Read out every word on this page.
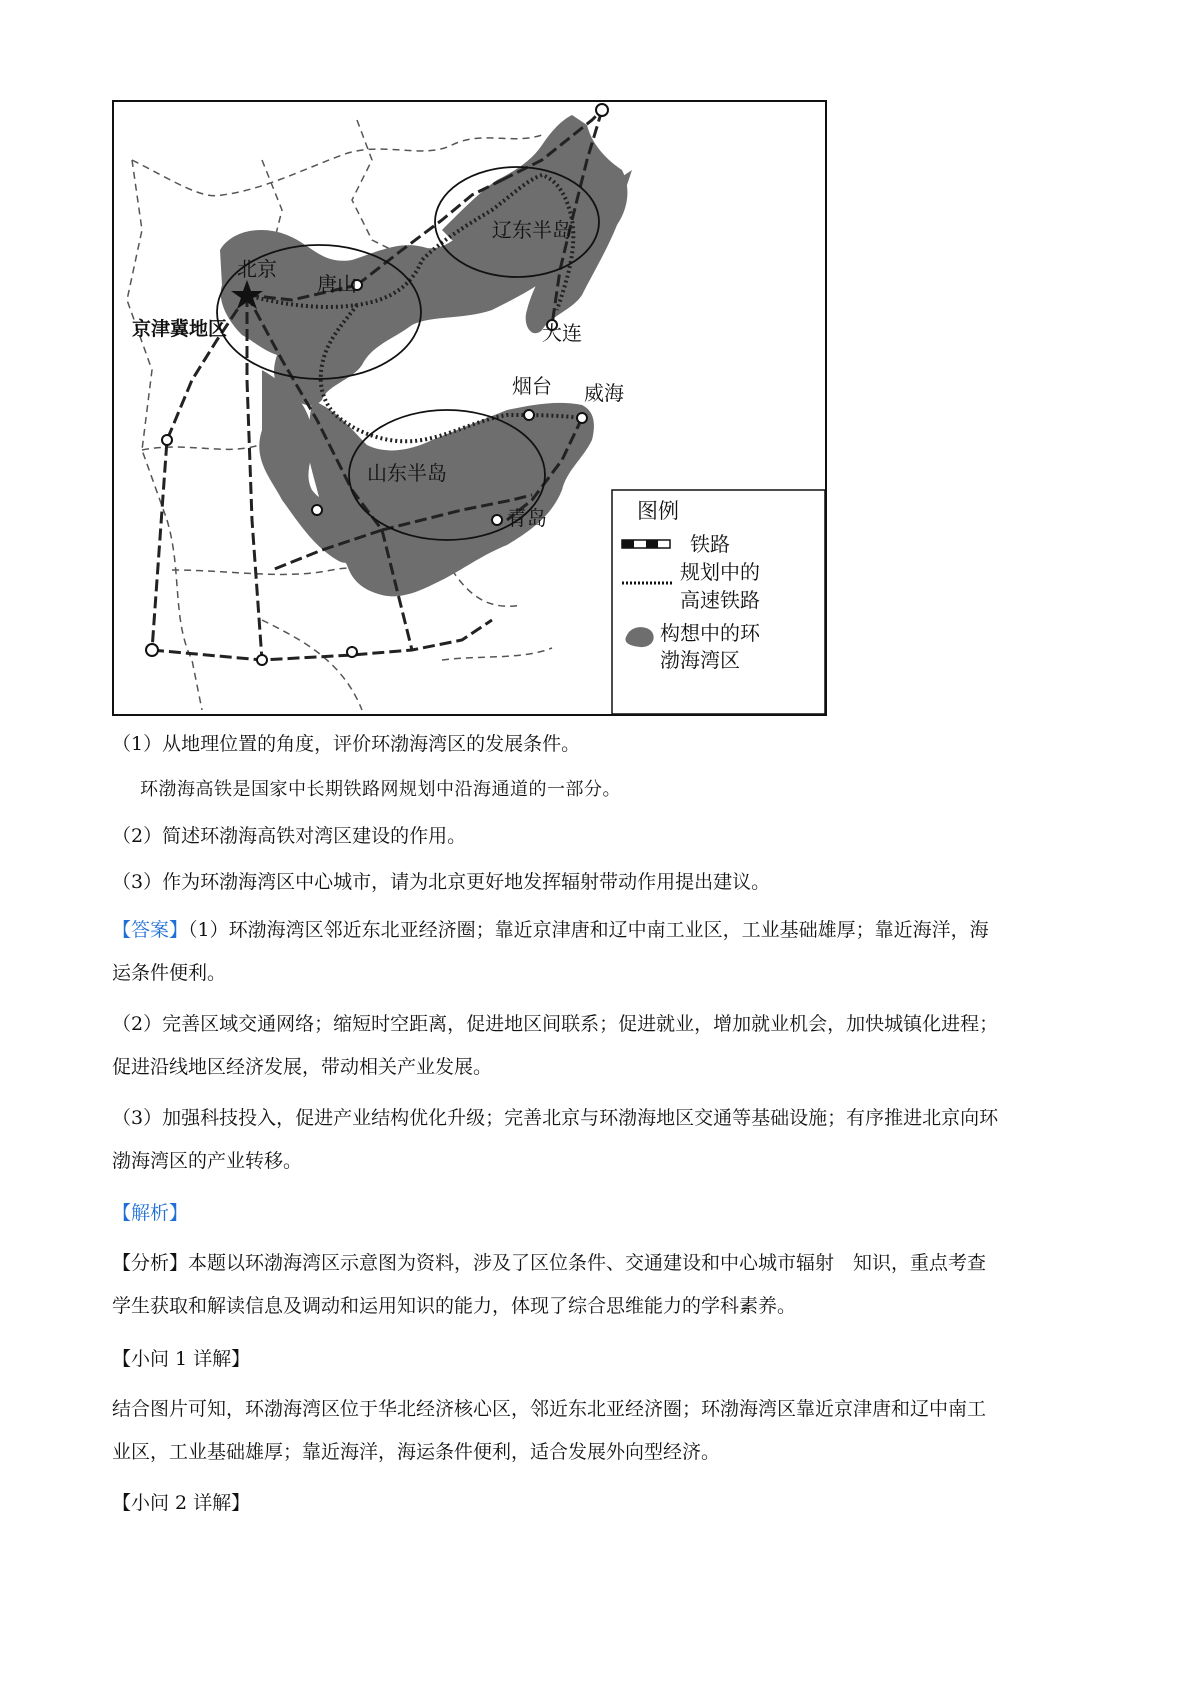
辽东半岛
北京
唐山
京津冀地区	大连
烟台 威海
山东半岛
青岛	图例
铁路
规划中的
高速铁路
构想中的环
渤海湾区
（1）从地理位置的角度，评价环渤海湾区的发展条件。
环渤海高铁是国家中长期铁路网规划中沿海通道的一部分。
（2）简述环渤海高铁对湾区建设的作用。
（3）作为环渤海湾区中心城市，请为北京更好地发挥辐射带动作用提出建议。
【答案】（1）环渤海湾区邻近东北亚经济圈；靠近京津唐和辽中南工业区，工业基础雄厚；靠近海洋，海
运条件便利。
（2）完善区域交通网络；缩短时空距离，促进地区间联系；促进就业，增加就业机会，加快城镇化进程；
促进沿线地区经济发展，带动相关产业发展。
（3）加强科技投入，促进产业结构优化升级；完善北京与环渤海地区交通等基础设施；有序推进北京向环
渤海湾区的产业转移。
【解析】
【分析】本题以环渤海湾区示意图为资料，涉及了区位条件、交通建设和中心城市辐射　知识，重点考查
学生获取和解读信息及调动和运用知识的能力，体现了综合思维能力的学科素养。
【小问 1 详解】
结合图片可知，环渤海湾区位于华北经济核心区，邻近东北亚经济圈；环渤海湾区靠近京津唐和辽中南工
业区，工业基础雄厚；靠近海洋，海运条件便利，适合发展外向型经济。
【小问 2 详解】
